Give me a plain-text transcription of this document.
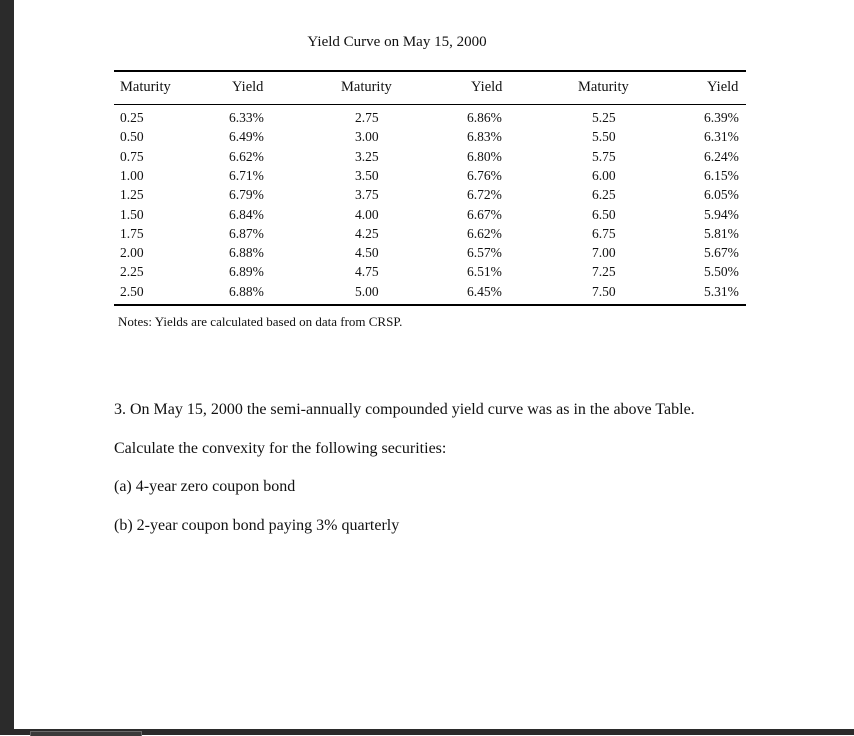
Yield Curve on May 15, 2000
Maturity	Yield	Maturity	Yield	Maturity	Yield
0.25	6.33%	2.75	6.86%	5.25	6.39%
0.50	6.49%	3.00	6.83%	5.50	6.31%
0.75	6.62%	3.25	6.80%	5.75	6.24%
1.00	6.71%	3.50	6.76%	6.00	6.15%
1.25	6.79%	3.75	6.72%	6.25	6.05%
1.50	6.84%	4.00	6.67%	6.50	5.94%
1.75	6.87%	4.25	6.62%	6.75	5.81%
2.00	6.88%	4.50	6.57%	7.00	5.67%
2.25	6.89%	4.75	6.51%	7.25	5.50%
2.50	6.88%	5.00	6.45%	7.50	5.31%
Notes: Yields are calculated based on data from CRSP.
3. On May 15, 2000 the semi-annually compounded yield curve was as in the above Table.
Calculate the convexity for the following securities:
(a) 4-year zero coupon bond
(b) 2-year coupon bond paying 3% quarterly
